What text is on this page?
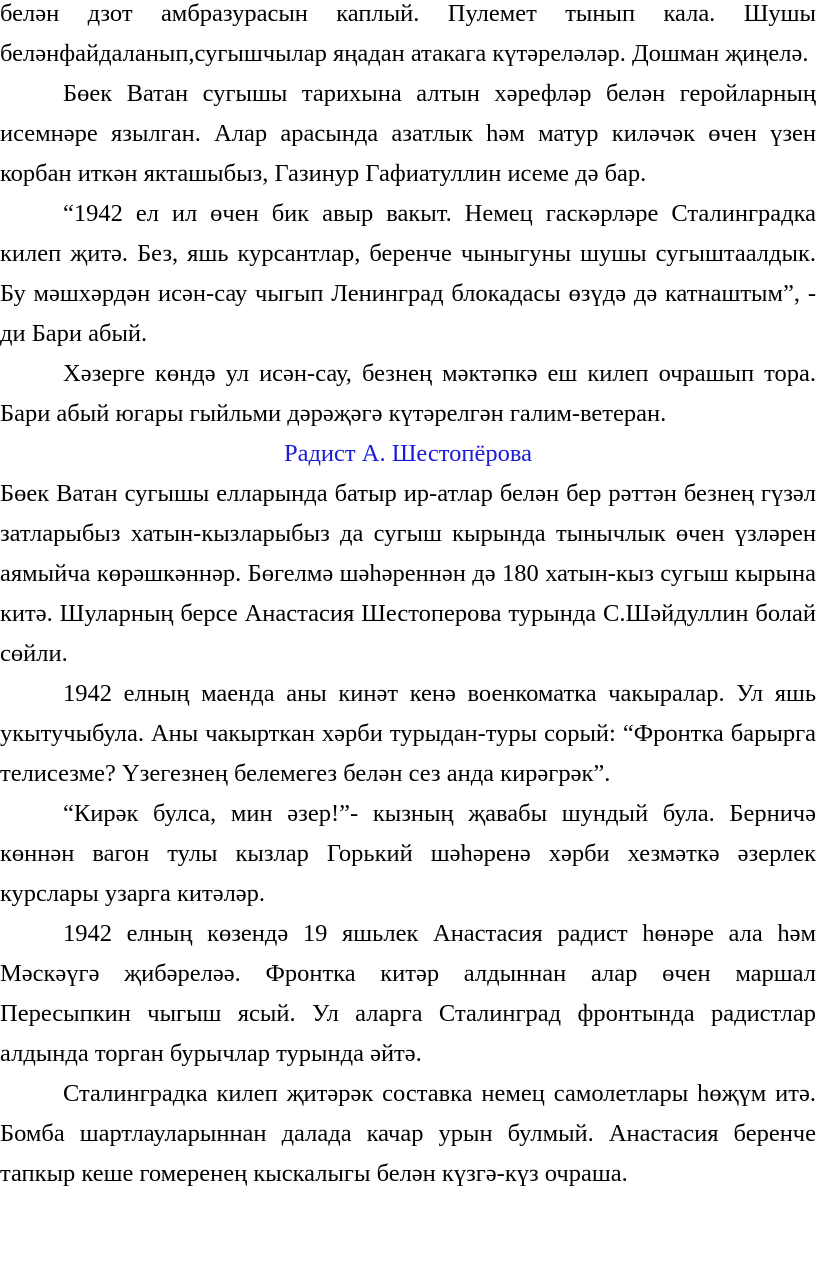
белән дзот амбразурасын каплый. Пулемет тынып кала. Шушы беләнфайдаланып,сугышчылар яңадан атакага күтәреләләр. Дошман җиңелә.

Бөек Ватан сугышы тарихына алтын хәрефләр белән геройларның исемнәре язылган. Алар арасында азатлык һәм матур киләчәк өчен үзен корбан иткән якташыбыз, Газинур Гафиатуллин исеме дә бар.

“1942 ел ил өчен бик авыр вакыт. Немец гаскәрләре Сталинградка килеп җитә. Без, яшь курсантлар, беренче чыныгуны шушы сугыштаалдык. Бу мәшхәрдән исән-сау чыгып Ленинград блокадасы өзүдә дә катнаштым”, - ди Бари абый.

Хәзерге көндә ул исән-сау, безнең мәктәпкә еш килеп очрашып тора. Бари абый югары гыйльми дәрәҗәгә күтәрелгән галим-ветеран.

Радист А. Шестопёрова

Бөек Ватан сугышы елларында батыр ир-атлар белән бер рәттән безнең гүзәл затларыбыз хатын-кызларыбыз да сугыш кырында тынычлык өчен үзләрен аямыйча көрәшкәннәр. Бөгелмә шәһәреннән дә 180 хатын-кыз сугыш кырына китә. Шуларның берсе Анастасия Шестоперова турында С.Шәйдуллин болай сөйли.

1942 елның маенда аны кинәт кенә военкоматка чакыралар. Ул яшь укытучыбула. Аны чакырткан хәрби турыдан-туры сорый: “Фронтка барырга телисезме? Үзегезнең белемегез белән сез анда кирәгрәк”.

“Кирәк булса, мин әзер!”- кызның җавабы шундый була. Берничә көннән вагон тулы кызлар Горький шәһәренә хәрби хезмәткә әзерлек курслары узарга китәләр.

1942 елның көзендә 19 яшьлек Анастасия радист һөнәре ала һәм Мәскәүгә җибәреләә. Фронтка китәр алдыннан алар өчен маршал Пересыпкин чыгыш ясый. Ул аларга Сталинград фронтында радистлар алдында торган бурычлар турында әйтә.

Сталинградка килеп җитәрәк составка немец самолетлары һөҗүм итә. Бомба шартлауларыннан далада качар урын булмый. Анастасия беренче тапкыр кеше гомеренең кыскалыгы белән күзгә-күз очраша.
